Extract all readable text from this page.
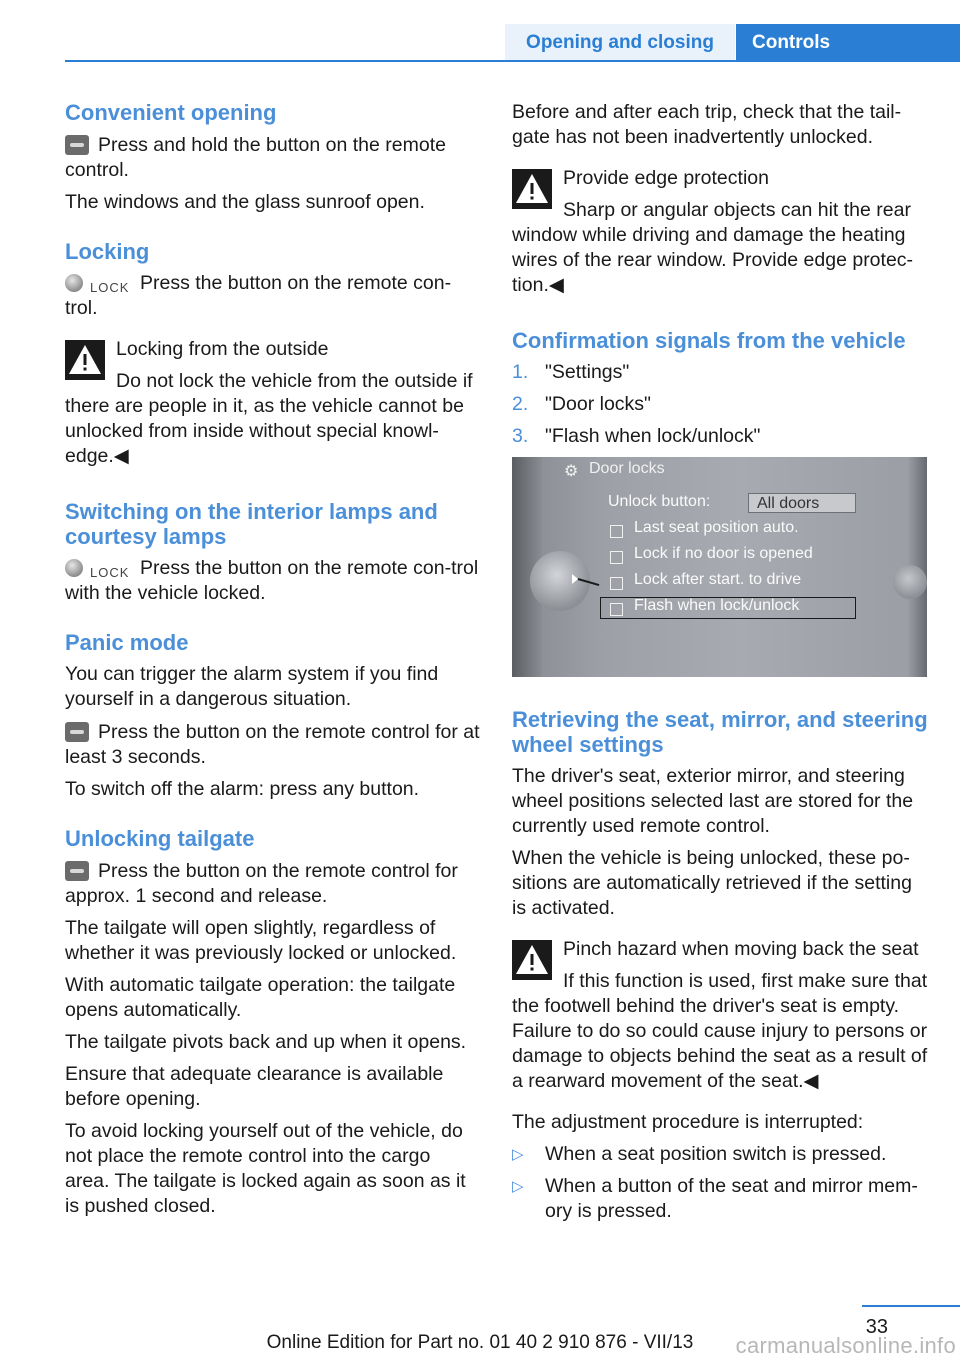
Opening and closing	Controls
Convenient opening

Press and hold the button on the remote control.

The windows and the glass sunroof open.

Locking

LOCK Press the button on the remote con-trol.

Locking from the outside

Do not lock the vehicle from the outside if there are people in it, as the vehicle cannot be unlocked from inside without special knowl-edge.◀

Switching on the interior lamps and courtesy lamps

LOCK Press the button on the remote con-trol with the vehicle locked.

Panic mode

You can trigger the alarm system if you find yourself in a dangerous situation.

Press the button on the remote control for at least 3 seconds.

To switch off the alarm: press any button.

Unlocking tailgate

Press the button on the remote control for approx. 1 second and release.

The tailgate will open slightly, regardless of whether it was previously locked or unlocked.

With automatic tailgate operation: the tailgate opens automatically.

The tailgate pivots back and up when it opens.

Ensure that adequate clearance is available before opening.

To avoid locking yourself out of the vehicle, do not place the remote control into the cargo area. The tailgate is locked again as soon as it is pushed closed.

Before and after each trip, check that the tail-gate has not been inadvertently unlocked.

Provide edge protection

Sharp or angular objects can hit the rear window while driving and damage the heating wires of the rear window. Provide edge protec-tion.◀

Confirmation signals from the vehicle
1. "Settings"
2. "Door locks"
3. "Flash when lock/unlock"
⚙ Door locks
Unlock button:	All doors
Last seat position auto.
Lock if no door is opened
Lock after start. to drive
Flash when lock/unlock
Retrieving the seat, mirror, and steering wheel settings

The driver's seat, exterior mirror, and steering wheel positions selected last are stored for the currently used remote control.

When the vehicle is being unlocked, these po-sitions are automatically retrieved if the setting is activated.

Pinch hazard when moving back the seat

If this function is used, first make sure that the footwell behind the driver's seat is empty. Failure to do so could cause injury to persons or damage to objects behind the seat as a result of a rearward movement of the seat.◀

The adjustment procedure is interrupted:

▷	When a seat position switch is pressed.
▷	When a button of the seat and mirror mem-ory is pressed.
33
Online Edition for Part no. 01 40 2 910 876 - VII/13	carmanualsonline.info
